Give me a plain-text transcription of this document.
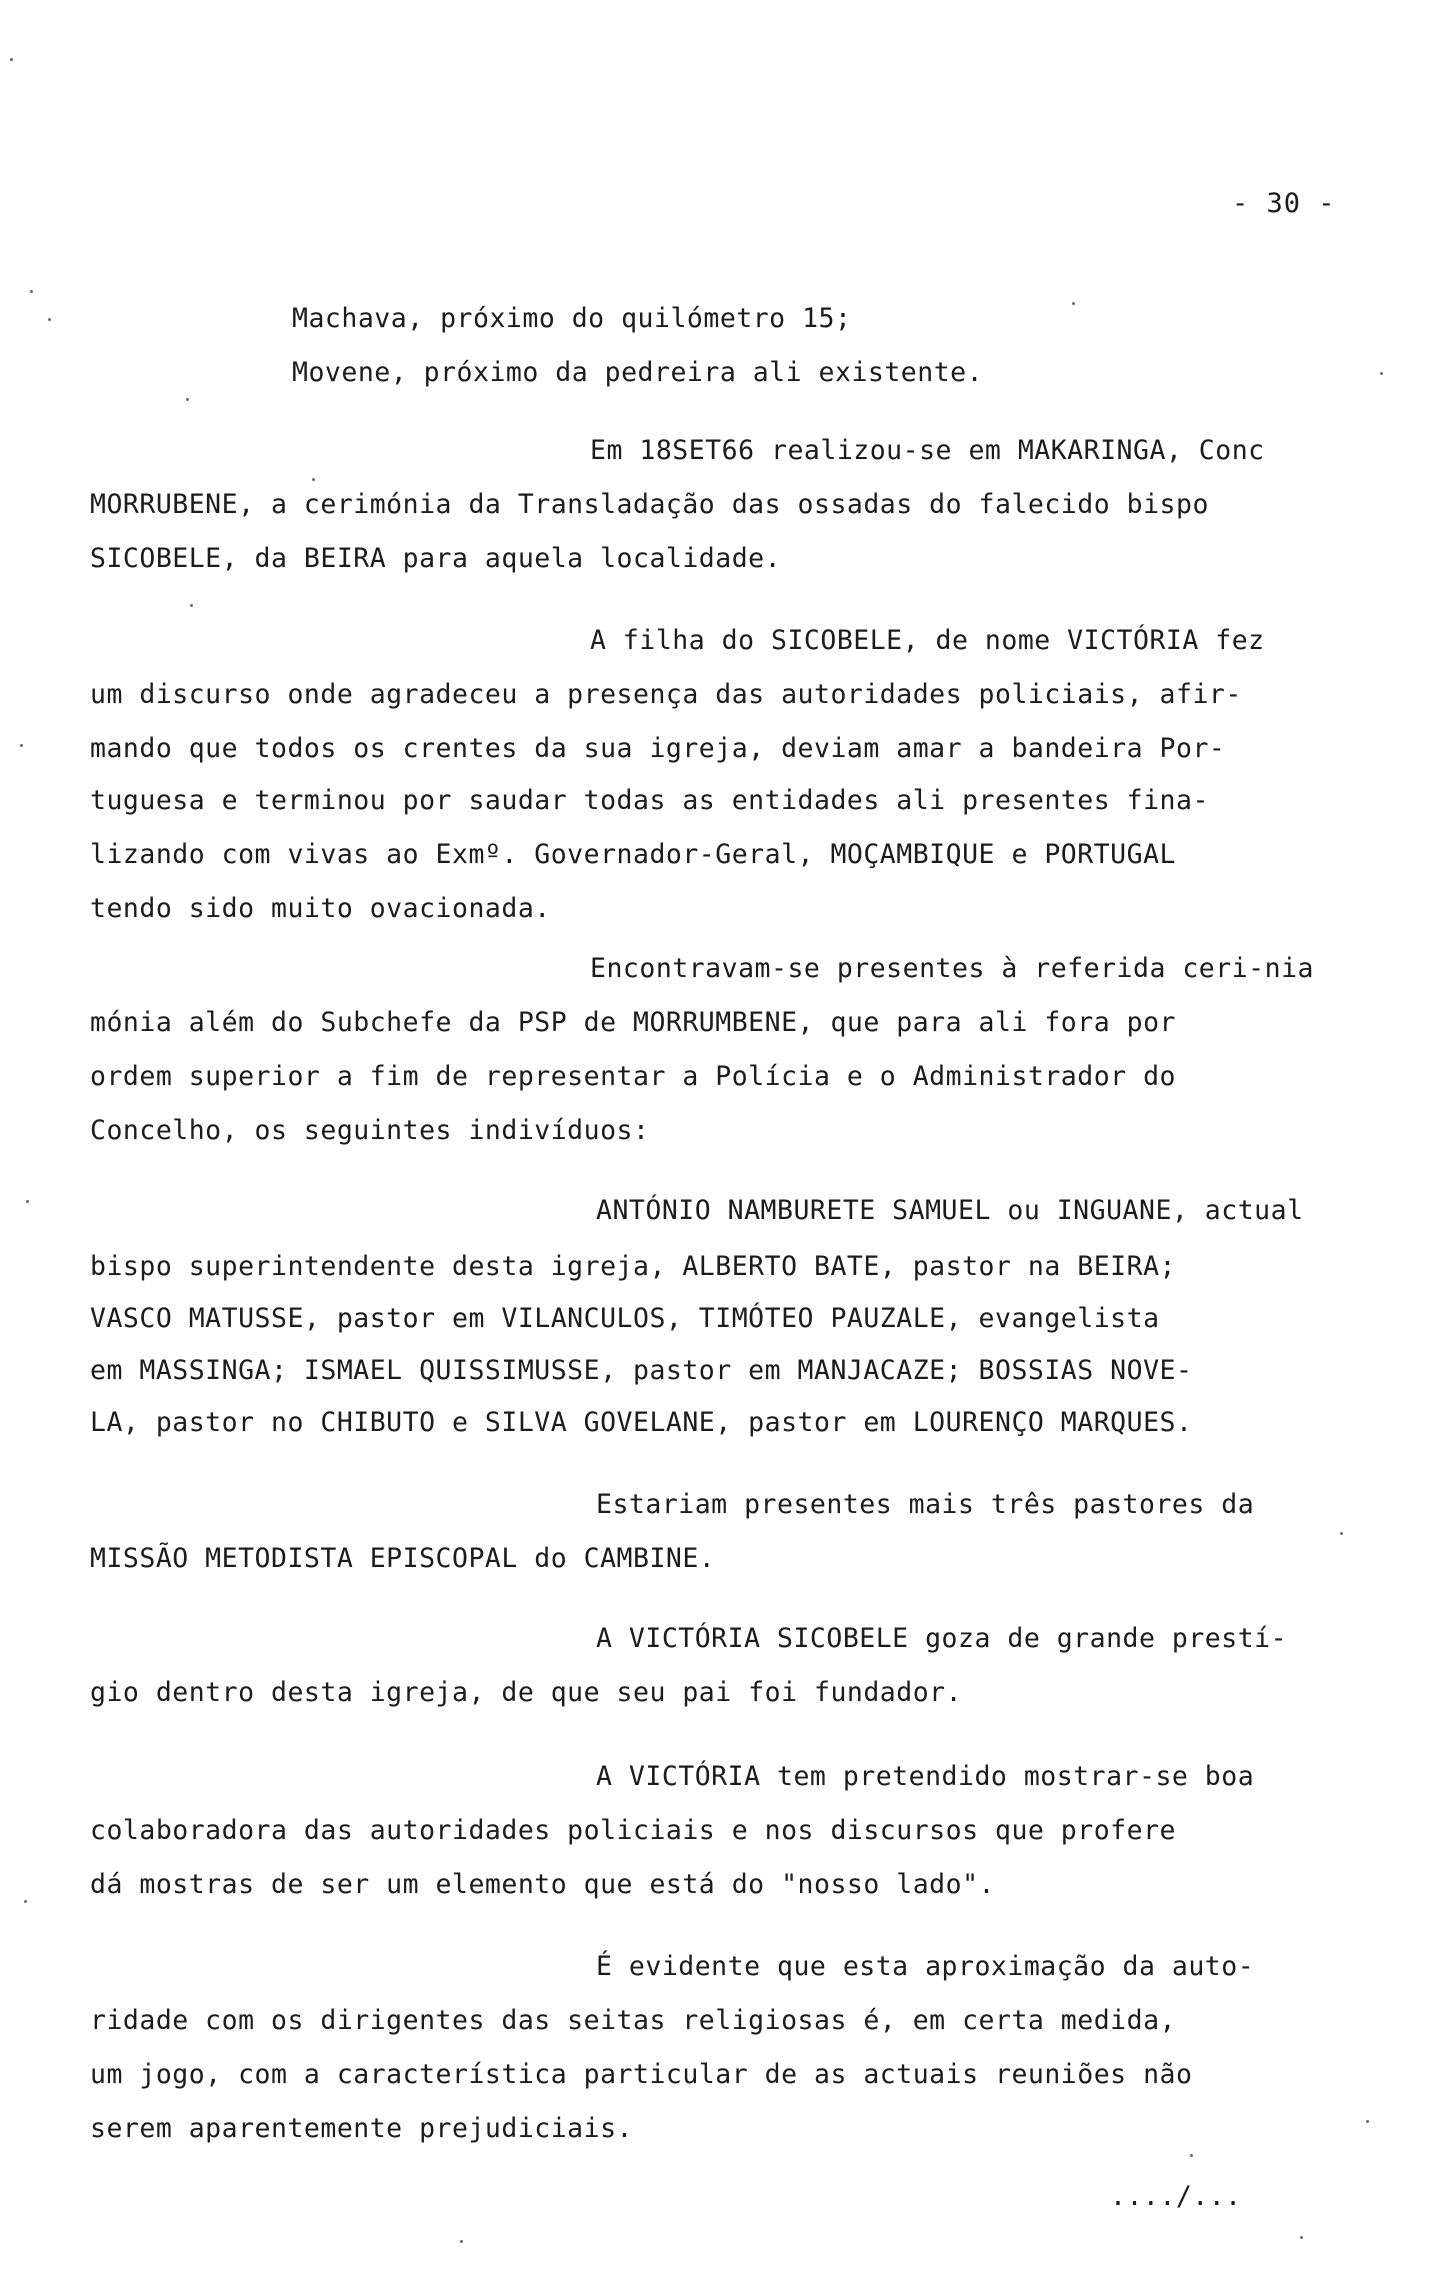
- 30 -
Machava, próximo do quilómetro 15;
Movene, próximo da pedreira ali existente.
Em 18SET66 realizou-se em MAKARINGA, Conc
MORRUBENE, a cerimónia da Transladação das ossadas do falecido bispo
SICOBELE, da BEIRA para aquela localidade.
A filha do SICOBELE, de nome VICTÓRIA fez
um discurso onde agradeceu a presença das autoridades policiais, afir-
mando que todos os crentes da sua igreja, deviam amar a bandeira Por-
tuguesa e terminou por saudar todas as entidades ali presentes fina-
lizando com vivas ao Exmº. Governador-Geral, MOÇAMBIQUE e PORTUGAL
tendo sido muito ovacionada.
Encontravam-se presentes à referida ceri-nia
mónia além do Subchefe da PSP de MORRUMBENE, que para ali fora por
ordem superior a fim de representar a Polícia e o Administrador do
Concelho, os seguintes indivíduos:
ANTÓNIO NAMBURETE SAMUEL ou INGUANE, actual
bispo superintendente desta igreja, ALBERTO BATE, pastor na BEIRA;
VASCO MATUSSE, pastor em VILANCULOS, TIMÓTEO PAUZALE, evangelista
em MASSINGA; ISMAEL QUISSIMUSSE, pastor em MANJACAZE; BOSSIAS NOVE-
LA, pastor no CHIBUTO e SILVA GOVELANE, pastor em LOURENÇO MARQUES.
Estariam presentes mais três pastores da
MISSÃO METODISTA EPISCOPAL do CAMBINE.
A VICTÓRIA SICOBELE goza de grande prestí-
gio dentro desta igreja, de que seu pai foi fundador.
A VICTÓRIA tem pretendido mostrar-se boa
colaboradora das autoridades policiais e nos discursos que profere
dá mostras de ser um elemento que está do "nosso lado".
É evidente que esta aproximação da auto-
ridade com os dirigentes das seitas religiosas é, em certa medida,
um jogo, com a característica particular de as actuais reuniões não
serem aparentemente prejudiciais.
..../...
